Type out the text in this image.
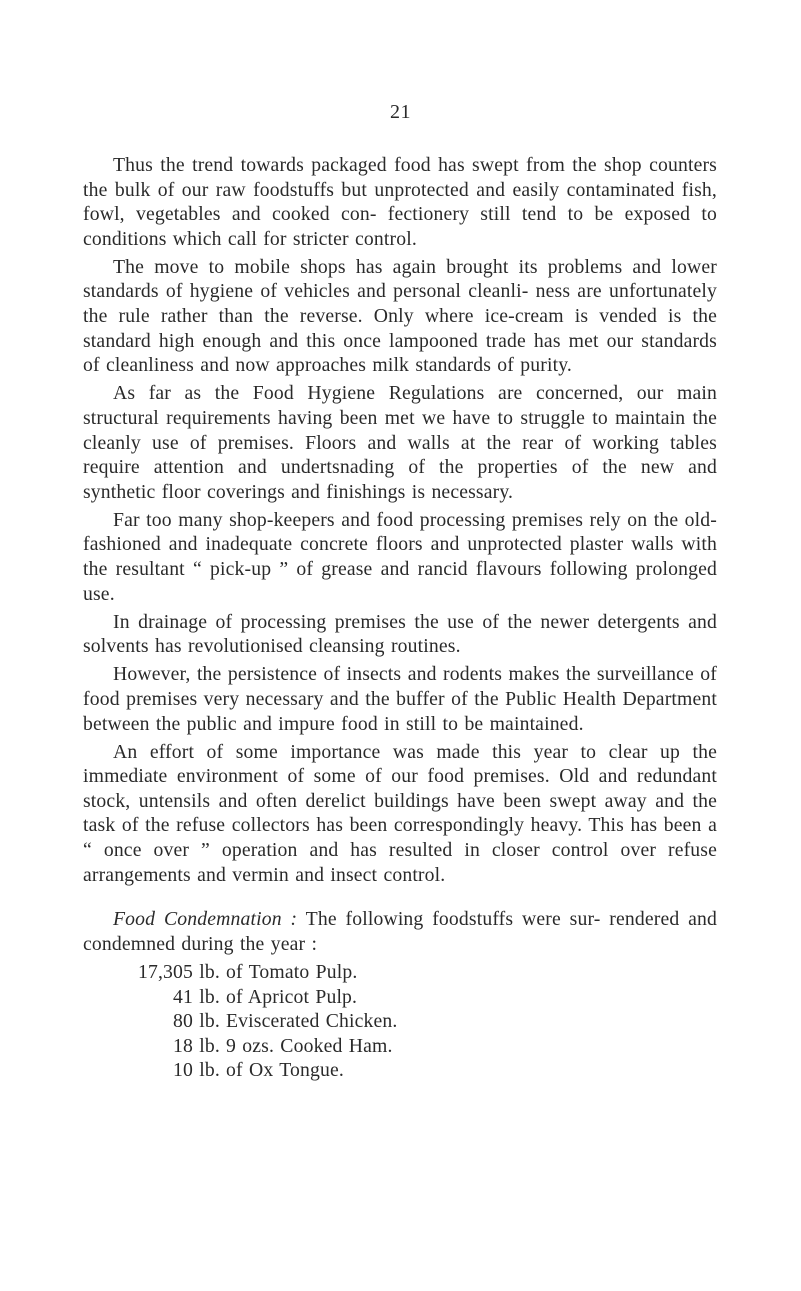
21

Thus the trend towards packaged food has swept from the shop counters the bulk of our raw foodstuffs but unprotected and easily contaminated fish, fowl, vegetables and cooked con- fectionery still tend to be exposed to conditions which call for stricter control.

The move to mobile shops has again brought its problems and lower standards of hygiene of vehicles and personal cleanli- ness are unfortunately the rule rather than the reverse. Only where ice-cream is vended is the standard high enough and this once lampooned trade has met our standards of cleanliness and now approaches milk standards of purity.

As far as the Food Hygiene Regulations are concerned, our main structural requirements having been met we have to struggle to maintain the cleanly use of premises. Floors and walls at the rear of working tables require attention and undertsnading of the properties of the new and synthetic floor coverings and finishings is necessary.

Far too many shop-keepers and food processing premises rely on the old-fashioned and inadequate concrete floors and unprotected plaster walls with the resultant “ pick-up ” of grease and rancid flavours following prolonged use.

In drainage of processing premises the use of the newer detergents and solvents has revolutionised cleansing routines.

However, the persistence of insects and rodents makes the surveillance of food premises very necessary and the buffer of the Public Health Department between the public and impure food in still to be maintained.

An effort of some importance was made this year to clear up the immediate environment of some of our food premises. Old and redundant stock, untensils and often derelict buildings have been swept away and the task of the refuse collectors has been correspondingly heavy. This has been a “ once over ” operation and has resulted in closer control over refuse arrangements and vermin and insect control.

Food Condemnation : The following foodstuffs were sur- rendered and condemned during the year :

17,305 lb. of Tomato Pulp.
41 lb. of Apricot Pulp.
80 lb. Eviscerated Chicken.
18 lb. 9 ozs. Cooked Ham.
10 lb. of Ox Tongue.
